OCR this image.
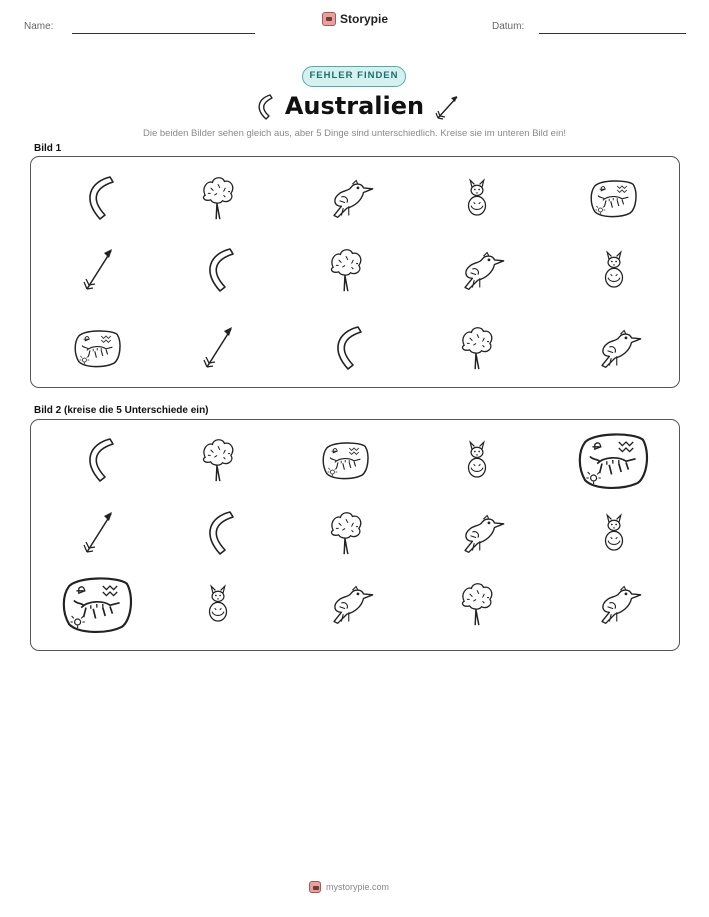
Name:
Storypie
Datum:
FEHLER FINDEN
Australien
Die beiden Bilder sehen gleich aus, aber 5 Dinge sind unterschiedlich. Kreise sie im unteren Bild ein!
Bild 1
Bild 2 (kreise die 5 Unterschiede ein)
mystorypie.com
